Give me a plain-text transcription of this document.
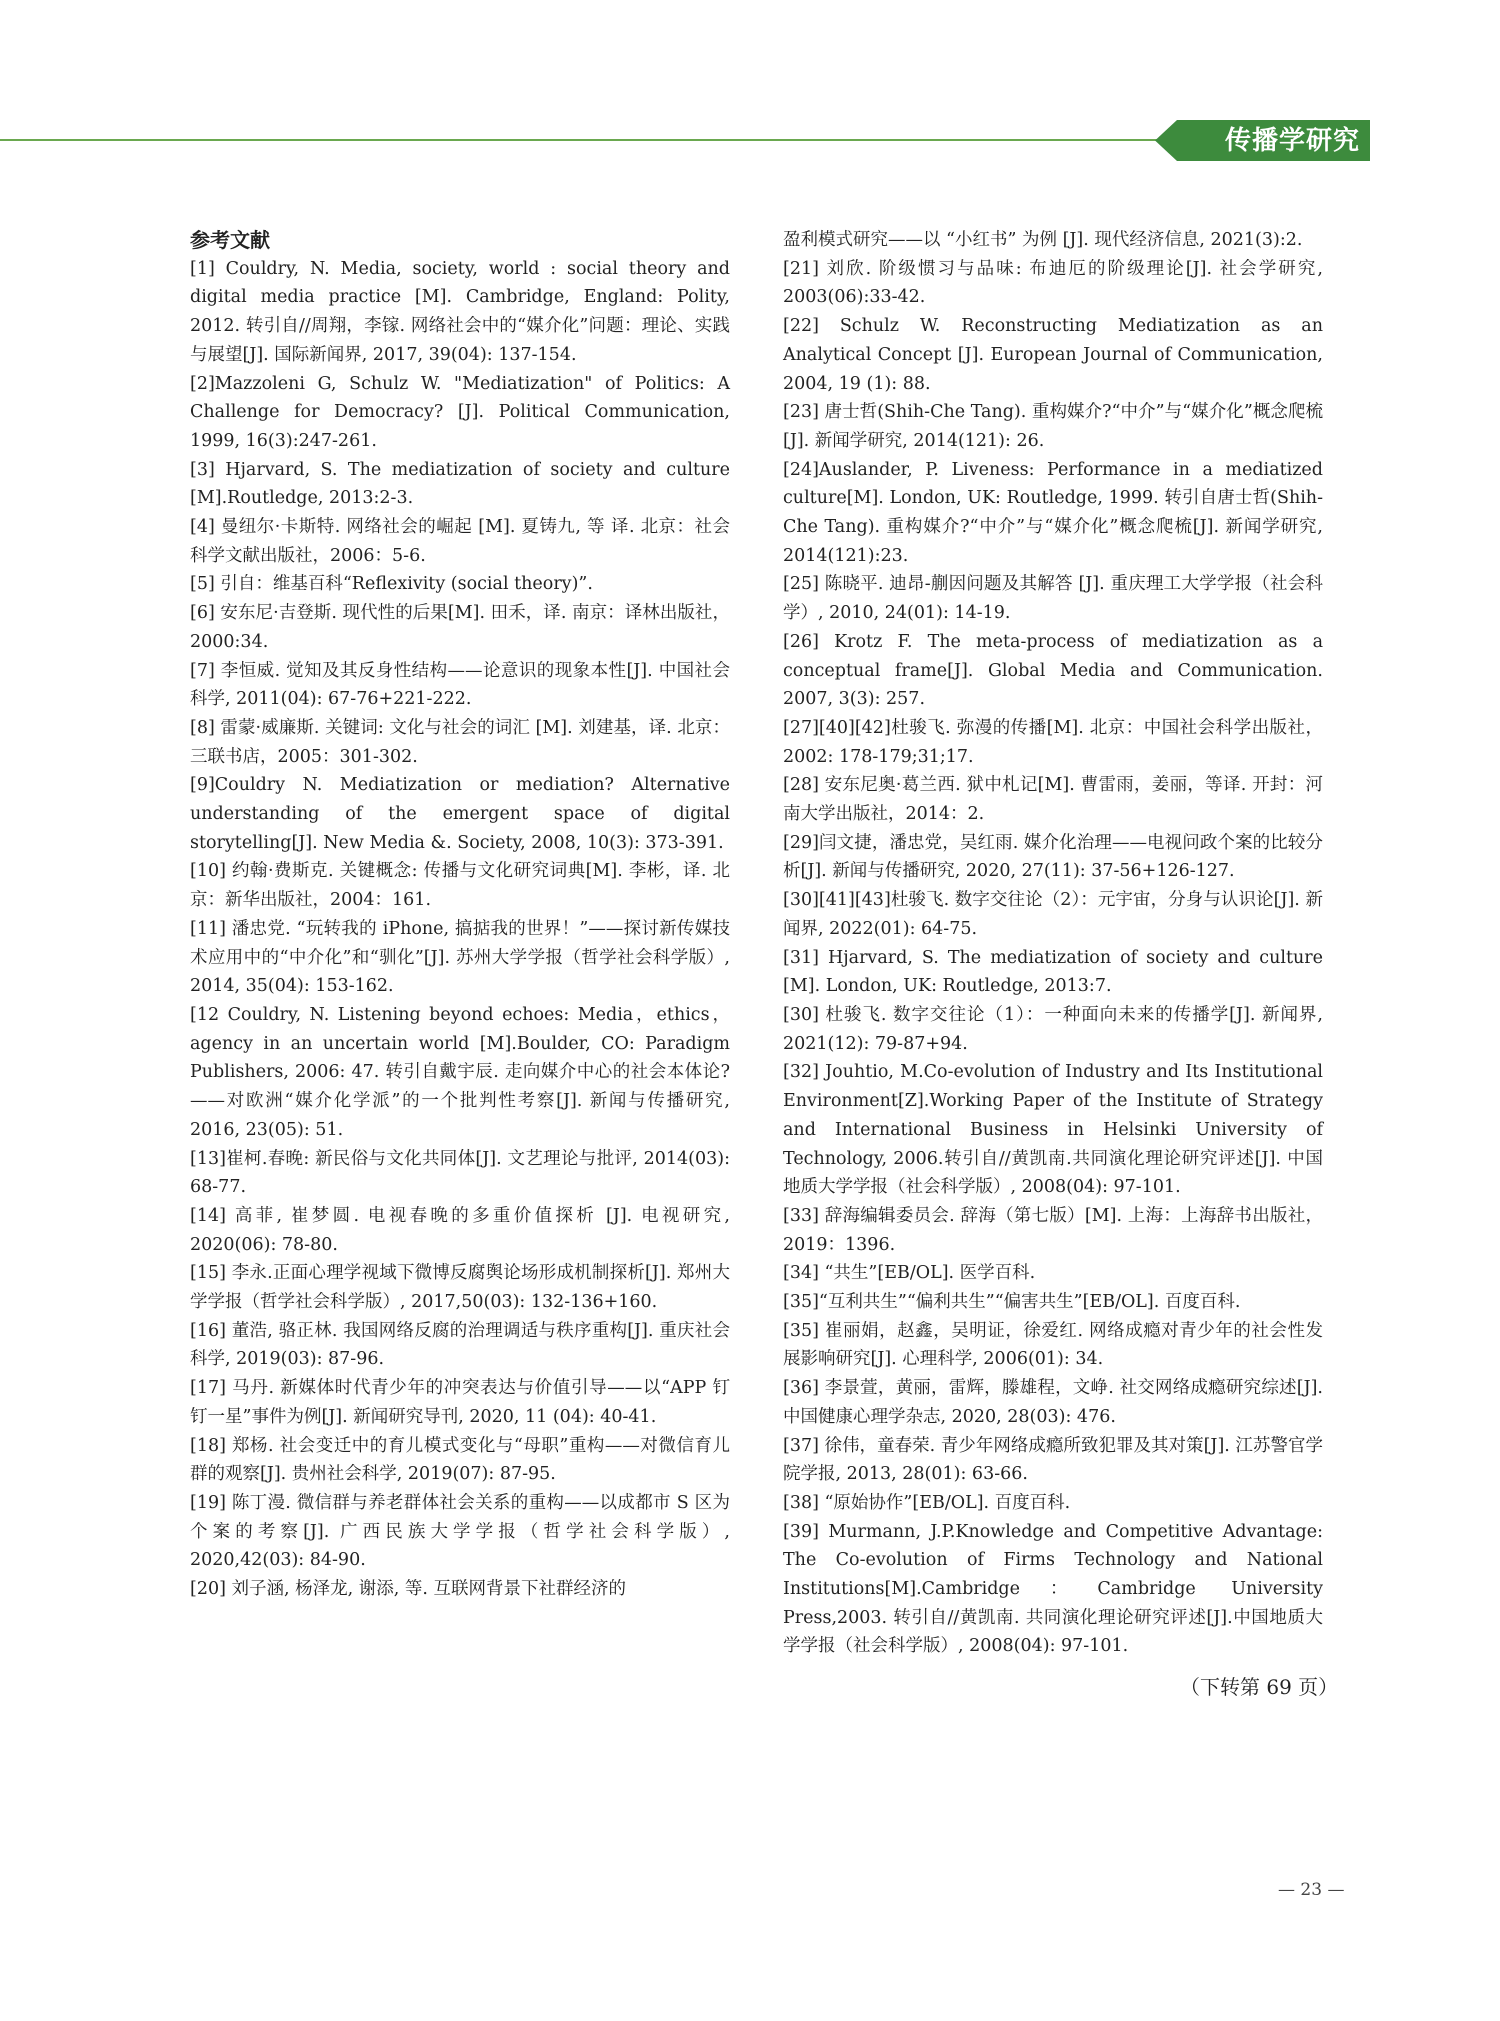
传播学研究

参考文献

[1] Couldry, N. Media, society, world : social theory and digital media practice [M]. Cambridge, England: Polity, 2012. 转引自//周翔，李镓. 网络社会中的“媒介化”问题：理论、实践与展望[J]. 国际新闻界, 2017, 39(04): 137-154.

[2]Mazzoleni G, Schulz W. "Mediatization" of Politics: A Challenge for Democracy? [J]. Political Communication, 1999, 16(3):247-261.

[3] Hjarvard, S. The mediatization of society and culture [M].Routledge, 2013:2-3.

[4] 曼纽尔·卡斯特. 网络社会的崛起 [M]. 夏铸九, 等 译. 北京：社会科学文献出版社，2006：5-6.

[5] 引自：维基百科“Reflexivity (social theory)”.

[6] 安东尼·吉登斯. 现代性的后果[M]. 田禾，译. 南京：译林出版社，2000:34.

[7] 李恒威. 觉知及其反身性结构——论意识的现象本性[J]. 中国社会科学, 2011(04): 67-76+221-222.

[8] 雷蒙·威廉斯. 关键词: 文化与社会的词汇 [M]. 刘建基，译. 北京：三联书店，2005：301-302.

[9]Couldry N. Mediatization or mediation? Alternative understanding of the emergent space of digital storytelling[J]. New Media &. Society, 2008, 10(3): 373-391.

[10] 约翰·费斯克. 关键概念: 传播与文化研究词典[M]. 李彬，译. 北京：新华出版社，2004：161.

[11] 潘忠党. “玩转我的 iPhone, 搞掂我的世界！”——探讨新传媒技术应用中的“中介化”和“驯化”[J]. 苏州大学学报（哲学社会科学版）, 2014, 35(04): 153-162.

[12 Couldry, N. Listening beyond echoes: Media，ethics，agency in an uncertain world [M].Boulder, CO: Paradigm Publishers, 2006: 47. 转引自戴宇辰. 走向媒介中心的社会本体论? ——对欧洲“媒介化学派”的一个批判性考察[J]. 新闻与传播研究, 2016, 23(05): 51.

[13]崔柯.春晚: 新民俗与文化共同体[J]. 文艺理论与批评, 2014(03): 68-77.

[14] 高菲, 崔梦圆. 电视春晚的多重价值探析 [J]. 电视研究, 2020(06): 78-80.

[15] 李永.正面心理学视域下微博反腐舆论场形成机制探析[J]. 郑州大学学报（哲学社会科学版）, 2017,50(03): 132-136+160.

[16] 董浩, 骆正林. 我国网络反腐的治理调适与秩序重构[J]. 重庆社会科学, 2019(03): 87-96.

[17] 马丹. 新媒体时代青少年的冲突表达与价值引导——以“APP 钉钉一星”事件为例[J]. 新闻研究导刊, 2020, 11 (04): 40-41.

[18] 郑杨. 社会变迁中的育儿模式变化与“母职”重构——对微信育儿群的观察[J]. 贵州社会科学, 2019(07): 87-95.

[19] 陈丁漫. 微信群与养老群体社会关系的重构——以成都市 S 区为个案的考察[J]. 广西民族大学学报（哲学社会科学版）, 2020,42(03): 84-90.

[20] 刘子涵, 杨泽龙, 谢添, 等. 互联网背景下社群经济的

盈利模式研究——以 “小红书” 为例 [J]. 现代经济信息, 2021(3):2.

[21] 刘欣. 阶级惯习与品味: 布迪厄的阶级理论[J]. 社会学研究, 2003(06):33-42.

[22] Schulz W. Reconstructing Mediatization as an Analytical Concept [J]. European Journal of Communication, 2004, 19 (1): 88.

[23] 唐士哲(Shih-Che Tang). 重构媒介?“中介”与“媒介化”概念爬梳[J]. 新闻学研究, 2014(121): 26.

[24]Auslander, P. Liveness: Performance in a mediatized culture[M]. London, UK: Routledge, 1999. 转引自唐士哲(Shih-Che Tang). 重构媒介?“中介”与“媒介化”概念爬梳[J]. 新闻学研究, 2014(121):23.

[25] 陈晓平. 迪昂-蒯因问题及其解答 [J]. 重庆理工大学学报（社会科学）, 2010, 24(01): 14-19.

[26] Krotz F. The meta-process of mediatization as a conceptual frame[J]. Global Media and Communication. 2007, 3(3): 257.

[27][40][42]杜骏飞. 弥漫的传播[M]. 北京：中国社会科学出版社，2002: 178-179;31;17.

[28] 安东尼奥·葛兰西. 狱中札记[M]. 曹雷雨，姜丽，等译. 开封：河南大学出版社，2014：2.

[29]闫文捷，潘忠党，吴红雨. 媒介化治理——电视问政个案的比较分析[J]. 新闻与传播研究, 2020, 27(11): 37-56+126-127.

[30][41][43]杜骏飞. 数字交往论（2）：元宇宙，分身与认识论[J]. 新闻界, 2022(01): 64-75.

[31] Hjarvard, S. The mediatization of society and culture [M]. London, UK: Routledge, 2013:7.

[30] 杜骏飞. 数字交往论（1）：一种面向未来的传播学[J]. 新闻界, 2021(12): 79-87+94.

[32] Jouhtio, M.Co-evolution of Industry and Its Institutional Environment[Z].Working Paper of the Institute of Strategy and International Business in Helsinki University of Technology, 2006.转引自//黄凯南.共同演化理论研究评述[J]. 中国地质大学学报（社会科学版）, 2008(04): 97-101.

[33] 辞海编辑委员会. 辞海（第七版）[M]. 上海：上海辞书出版社，2019：1396.

[34] “共生”[EB/OL]. 医学百科.

[35]“互利共生”“偏利共生”“偏害共生”[EB/OL]. 百度百科.

[35] 崔丽娟，赵鑫，吴明证，徐爱红. 网络成瘾对青少年的社会性发展影响研究[J]. 心理科学, 2006(01): 34.

[36] 李景萱，黄丽，雷辉，滕雄程，文峥. 社交网络成瘾研究综述[J]. 中国健康心理学杂志, 2020, 28(03): 476.

[37] 徐伟，童春荣. 青少年网络成瘾所致犯罪及其对策[J]. 江苏警官学院学报, 2013, 28(01): 63-66.

[38] “原始协作”[EB/OL]. 百度百科.

[39] Murmann, J.P.Knowledge and Competitive Advantage: The Co-evolution of Firms Technology and National Institutions[M].Cambridge：Cambridge University Press,2003. 转引自//黄凯南. 共同演化理论研究评述[J].中国地质大学学报（社会科学版）, 2008(04): 97-101.

（下转第 69 页）
— 23 —
